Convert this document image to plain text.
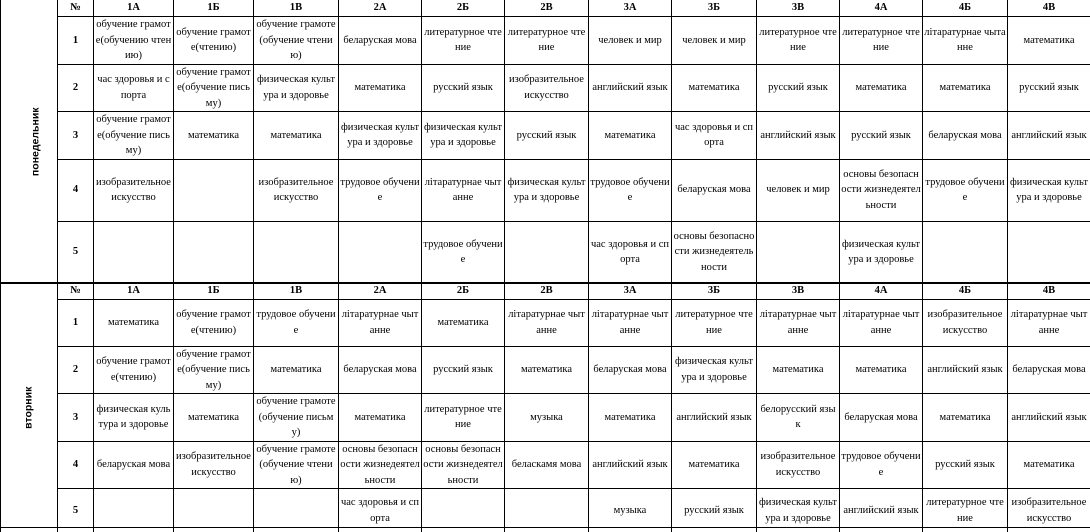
понедельник	№	1А	1Б	1В	2А	2Б	2В	3А	3Б	3В	4А	4Б	4В
	1	обучение грамоте(обучению чтению)	обучение грамоте(чтению)	обучение грамоте(обучение чтению)	беларуская мова	литературное чтение	литературное чтение	человек и мир	человек и мир	литературное чтение	литературное чтение	літаратурнае чытанне	математика
	2	час здоровья и спорта	обучение грамоте(обучение письму)	физическая культура и здоровье	математика	русский язык	изобразительное искусство	английский язык	математика	русский язык	математика	математика	русский язык
	3	обучение грамоте(обучение письму)	математика	математика	физическая культура и здоровье	физическая культура и здоровье	русский язык	математика	час здоровья и спорта	английский язык	русский язык	беларуская мова	английский язык
	4	изобразительное искусство		изобразительное искусство	трудовое обучение	літаратурнае чытанне	физическая культура и здоровье	трудовое обучение	беларуская мова	человек и мир	основы безопасности жизнедеятельности	трудовое обучение	физическая культура и здоровье
	5					трудовое обучение		час здоровья и спорта	основы безопасности жизнедеятельности		физическая культура и здоровье		
вторник	№	1А	1Б	1В	2А	2Б	2В	3А	3Б	3В	4А	4Б	4В
	1	математика	обучение грамоте(чтению)	трудовое обучение	літаратурнае чытанне	математика	літаратурнае чытанне	літаратурнае чытанне	литературное чтение	літаратурнае чытанне	літаратурнае чытанне	изобразительное искусство	літаратурнае чытанне
	2	обучение грамоте(чтению)	обучение грамоте(обучение письму)	математика	беларуская мова	русский язык	математика	беларуская мова	физическая культура и здоровье	математика	математика	английский язык	беларуская мова
	3	физическая культура и здоровье	математика	обучение грамоте(обучение письму)	математика	литературное чтение	музыка	математика	английский язык	белорусский язык	беларуская мова	математика	английский язык
	4	беларуская мова	изобразительное искусство	обучение грамоте(обучение чтению)	основы безопасности жизнедеятельности	основы безопасности жизнедеятельности	беласкамя мова	английский язык	математика	изобразительное искусство	трудовое обучение	русский язык	математика
	5				час здоровья и спорта			музыка	русский язык	физическая культура и здоровье	английский язык	литературное чтение	изобразительное искусство
